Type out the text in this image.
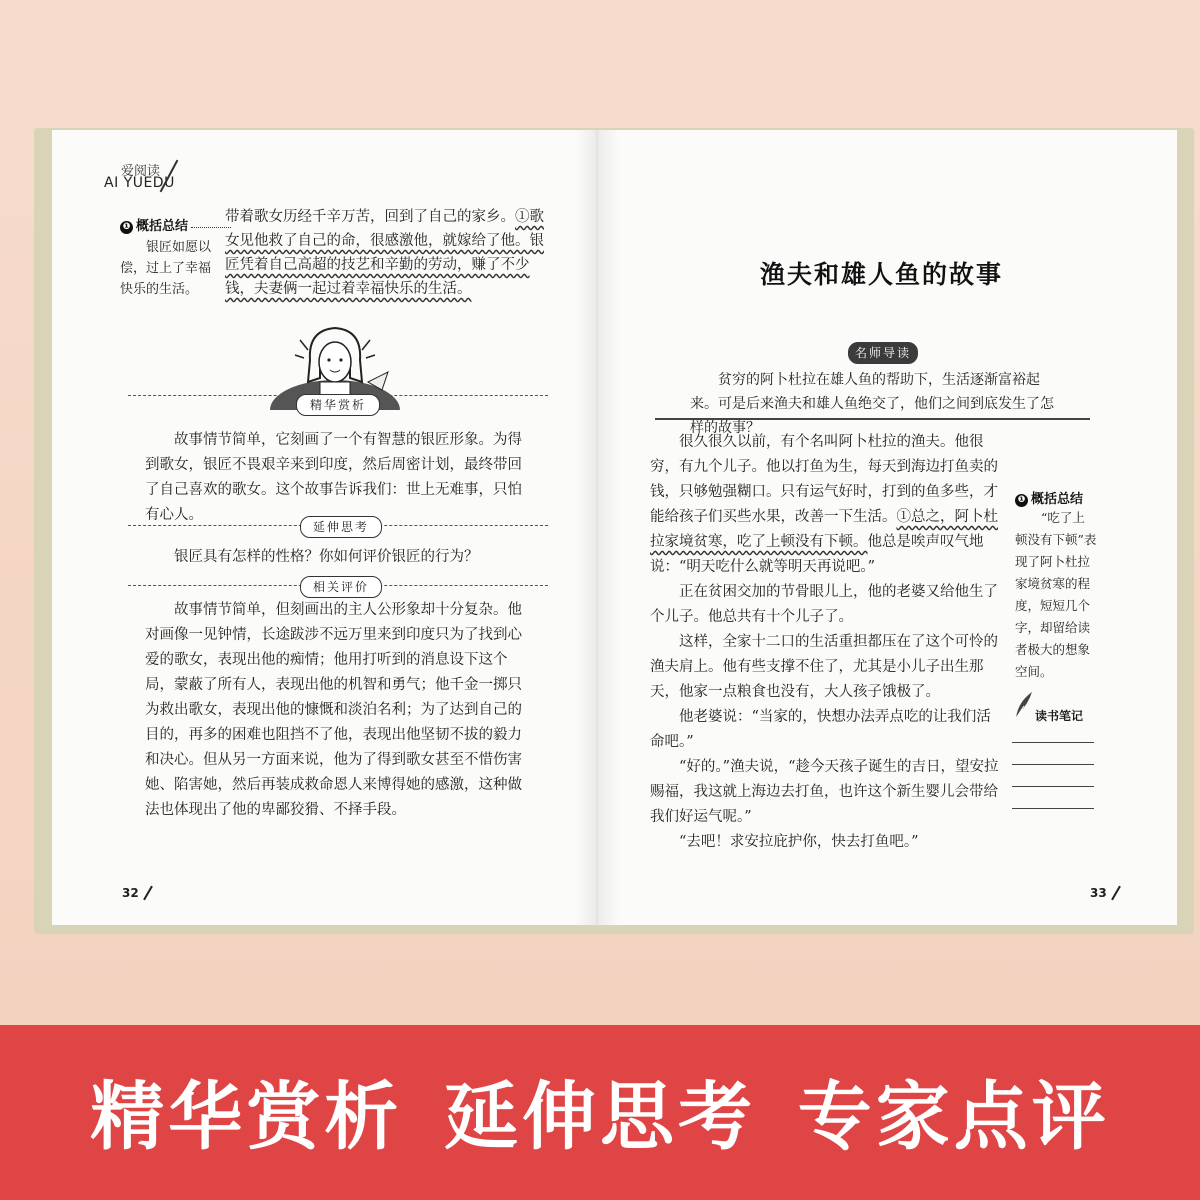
爱阅读
AI YUEDU
❶ 概括总结
银匠如愿以偿，过上了幸福快乐的生活。
带着歌女历经千辛万苦，回到了自己的家乡。①歌女见他救了自己的命，很感激他，就嫁给了他。银匠凭着自己高超的技艺和辛勤的劳动，赚了不少钱，夫妻俩一起过着幸福快乐的生活。
精华赏析
故事情节简单，它刻画了一个有智慧的银匠形象。为得到歌女，银匠不畏艰辛来到印度，然后周密计划，最终带回了自己喜欢的歌女。这个故事告诉我们：世上无难事，只怕有心人。
延伸思考
银匠具有怎样的性格？你如何评价银匠的行为？
相关评价
故事情节简单，但刻画出的主人公形象却十分复杂。他对画像一见钟情，长途跋涉不远万里来到印度只为了找到心爱的歌女，表现出他的痴情；他用打听到的消息设下这个局，蒙蔽了所有人，表现出他的机智和勇气；他千金一掷只为救出歌女，表现出他的慷慨和淡泊名利；为了达到自己的目的，再多的困难也阻挡不了他，表现出他坚韧不拔的毅力和决心。但从另一方面来说，他为了得到歌女甚至不惜伤害她、陷害她，然后再装成救命恩人来博得她的感激，这种做法也体现出了他的卑鄙狡猾、不择手段。
32
渔夫和雄人鱼的故事
名师导读
贫穷的阿卜杜拉在雄人鱼的帮助下，生活逐渐富裕起来。可是后来渔夫和雄人鱼绝交了，他们之间到底发生了怎样的故事？

很久很久以前，有个名叫阿卜杜拉的渔夫。他很穷，有九个儿子。他以打鱼为生，每天到海边打鱼卖的钱，只够勉强糊口。只有运气好时，打到的鱼多些，才能给孩子们买些水果，改善一下生活。①总之，阿卜杜拉家境贫寒，吃了上顿没有下顿。他总是唉声叹气地说：“明天吃什么就等明天再说吧。”

正在贫困交加的节骨眼儿上，他的老婆又给他生了个儿子。他总共有十个儿子了。

这样，全家十二口的生活重担都压在了这个可怜的渔夫肩上。他有些支撑不住了，尤其是小儿子出生那天，他家一点粮食也没有，大人孩子饿极了。

他老婆说：“当家的，快想办法弄点吃的让我们活命吧。”

“好的。”渔夫说，“趁今天孩子诞生的吉日，望安拉赐福，我这就上海边去打鱼，也许这个新生婴儿会带给我们好运气呢。”

“去吧！求安拉庇护你，快去打鱼吧。”

❶ 概括总结
“吃了上顿没有下顿”表现了阿卜杜拉家境贫寒的程度，短短几个字，却留给读者极大的想象空间。
读书笔记
33
精华赏析 延伸思考 专家点评
